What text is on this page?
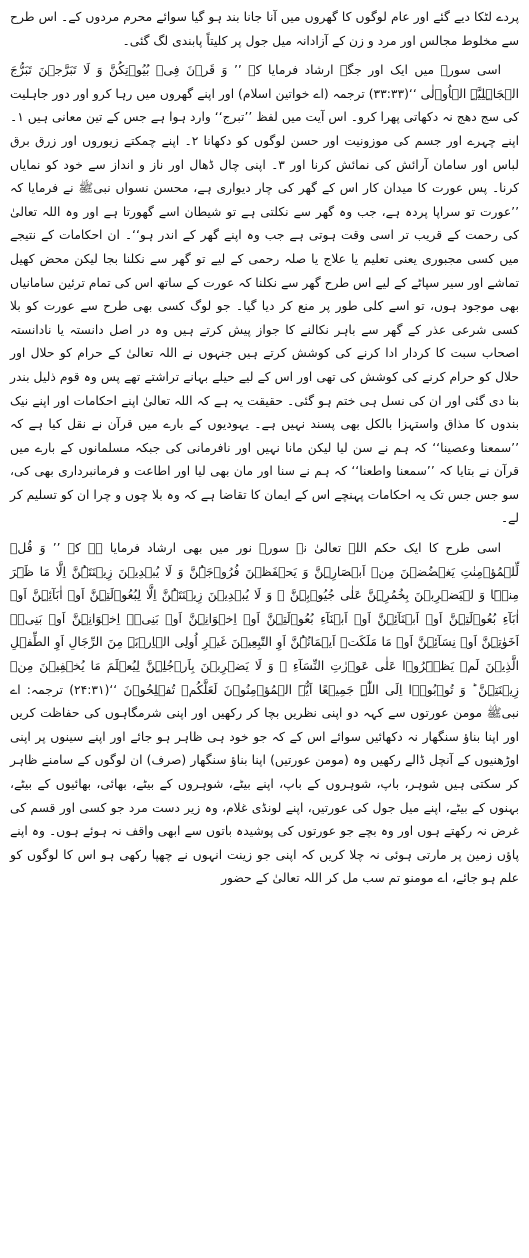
پردے لٹکا دیے گئے اور عام لوگوں کا گھروں میں آنا جانا بند ہو گیا سوائے محرم مردوں کے۔ اس طرح سے مخلوط مجالس اور مرد و زن کے آزادانہ میل جول پر کلیتاً پابندی لگ گئی۔

اسی سورۃ میں ایک اور جگہ ارشاد فرمایا کہ ’’ وَ قَرۡنَ فِیۡ بُیُوۡتِکُنَّ وَ لَا تَبَرَّجۡنَ تَبَرُّجَ الۡجَاہِلِیَّۃِ الۡاُوۡلٰی ‘‘(۳۳:۳۳) ترجمہ (اے خواتین اسلام) اور اپنے گھروں میں رہا کرو اور دور جاہلیت کی سج دھج نہ دکھاتی پھرا کرو۔ اس آیت میں لفظ ’’تبرج‘‘ وارد ہوا ہے جس کے تین معانی ہیں ۱۔ اپنے چہرے اور جسم کی موزونیت اور حسن لوگوں کو دکھانا ۲۔ اپنے چمکتے زیوروں اور زرق برق لباس اور سامان آرائش کی نمائش کرنا اور ۳۔ اپنی چال ڈھال اور ناز و انداز سے خود کو نمایاں کرنا۔ پس عورت کا میدان کار اس کے گھر کی چار دیواری ہے، محسن نسواں نبیﷺ نے فرمایا کہ ’’عورت تو سراپا پردہ ہے، جب وہ گھر سے نکلتی ہے تو شیطان اسے گھورتا ہے اور وہ اللہ تعالیٰ کی رحمت کے قریب تر اسی وقت ہوتی ہے جب وہ اپنے گھر کے اندر ہو‘‘۔ ان احکامات کے نتیجے میں کسی مجبوری یعنی تعلیم یا علاج یا صلہ رحمی کے لیے تو گھر سے نکلنا بجا لیکن محض کھیل تماشے اور سیر سپاٹے کے لیے اس طرح گھر سے نکلنا کہ عورت کے ساتھ اس کی تمام ترئین سامانیاں بھی موجود ہوں، تو اسے کلی طور پر منع کر دیا گیا۔ جو لوگ کسی بھی طرح سے عورت کو بلا کسی شرعی عذر کے گھر سے باہر نکالنے کا جواز پیش کرتے ہیں وہ در اصل دانستہ یا نادانستہ اصحاب سبت کا کردار ادا کرنے کی کوشش کرتے ہیں جنہوں نے اللہ تعالیٰ کے حرام کو حلال اور حلال کو حرام کرنے کی کوشش کی تھی اور اس کے لیے حیلے بہانے تراشتے تھے پس وہ قوم ذلیل بندر بنا دی گئی اور ان کی نسل ہی ختم ہو گئی۔ حقیقت یہ ہے کہ اللہ تعالیٰ اپنے احکامات اور اپنے نیک بندوں کا مذاق واستہزا بالکل بھی پسند نہیں ہے۔ یہودیوں کے بارے میں قرآن نے نقل کیا ہے کہ ’’سمعنا وعصینا‘‘ کہ ہم نے سن لیا لیکن مانا نہیں اور نافرمانی کی جبکہ مسلمانوں کے بارے میں قرآن نے بتایا کہ ’’سمعنا واطعنا‘‘ کہ ہم نے سنا اور مان بھی لیا اور اطاعت و فرمانبرداری بھی کی، سو جس جس تک یہ احکامات پہنچے اس کے ایمان کا تقاضا ہے کہ وہ بلا چوں و چرا ان کو تسلیم کر لے۔

اسی طرح کا ایک حکم اللہ تعالیٰ نے سورۃ نور میں بھی ارشاد فرمایا ہے کہ ’’ وَ قُلۡ لِّلۡمُؤۡمِنٰتِ یَغۡضُضۡنَ مِنۡ اَبۡصَارِہِنَّ وَ یَحۡفَظۡنَ فُرُوۡجَہُنَّ وَ لَا یُبۡدِیۡنَ زِیۡنَتَہُنَّ اِلَّا مَا ظَہَرَ مِنۡہَا وَ لۡیَضۡرِبۡنَ بِخُمُرِہِنَّ عَلٰی جُیُوۡبِہِنَّ ۪ وَ لَا یُبۡدِیۡنَ زِیۡنَتَہُنَّ اِلَّا لِبُعُوۡلَتِہِنَّ اَوۡ اٰبَآئِہِنَّ اَوۡ اٰبَآءِ بُعُوۡلَتِہِنَّ اَوۡ اَبۡنَآئِہِنَّ اَوۡ اَبۡنَآءِ بُعُوۡلَتِہِنَّ اَوۡ اِخۡوَانِہِنَّ اَوۡ بَنِیۡۤ اِخۡوَانِہِنَّ اَوۡ بَنِیۡۤ اَخَوٰتِہِنَّ اَوۡ نِسَآئِہِنَّ اَوۡ مَا مَلَکَتۡ اَیۡمَانُہُنَّ اَوِ التّٰبِعِیۡنَ غَیۡرِ اُولِی الۡاِرۡبَۃِ مِنَ الرِّجَالِ اَوِ الطِّفۡلِ الَّذِیۡنَ لَمۡ یَظۡہَرُوۡا عَلٰی عَوۡرٰتِ النِّسَآءِ ۪ وَ لَا یَضۡرِبۡنَ بِاَرۡجُلِہِنَّ لِیُعۡلَمَ مَا یُخۡفِیۡنَ مِنۡ زِیۡنَتِہِنَّ ؕ وَ تُوۡبُوۡۤا اِلَی اللّٰہِ جَمِیۡعًا اَیُّہَ الۡمُؤۡمِنُوۡنَ لَعَلَّکُمۡ تُفۡلِحُوۡنَ ‘‘(۲۴:۳۱) ترجمہ: اے نبیﷺ مومن عورتوں سے کہہ دو اپنی نظریں بچا کر رکھیں اور اپنی شرمگاہوں کی حفاظت کریں اور اپنا بناؤ سنگھار نہ دکھائیں سوائے اس کے کہ جو خود ہی ظاہر ہو جائے اور اپنے سینوں پر اپنی اوڑھنیوں کے آنچل ڈالے رکھیں وہ (مومن عورتیں) اپنا بناؤ سنگھار (صرف) ان لوگوں کے سامنے ظاہر کر سکتی ہیں شوہر، باپ، شوہروں کے باپ، اپنے بیٹے، شوہروں کے بیٹے، بھائی، بھائیوں کے بیٹے، بہنوں کے بیٹے، اپنے میل جول کی عورتیں، اپنے لونڈی غلام، وہ زیر دست مرد جو کسی اور قسم کی غرض نہ رکھتے ہوں اور وہ بچے جو عورتوں کی پوشیدہ باتوں سے ابھی واقف نہ ہوئے ہوں۔ وہ اپنے پاؤں زمین پر مارتی ہوئی نہ چلا کریں کہ اپنی جو زینت انہوں نے چھپا رکھی ہو اس کا لوگوں کو علم ہو جائے، اے مومنو تم سب مل کر اللہ تعالیٰ کے حضور
